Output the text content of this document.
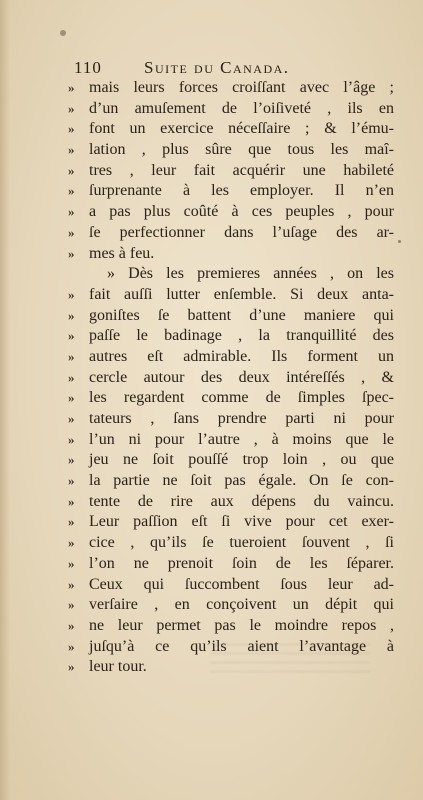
110 Suite du Canada.
» mais leurs forces croiſſant avec l’âge ;
» d’un amuſement de l’oiſiveté , ils en
» font un exercice néceſſaire ; & l’ému-
» lation , plus sûre que tous les maî-
» tres , leur fait acquérir une habileté
» ſurprenante à les employer. Il n’en
» a pas plus coûté à ces peuples , pour
» ſe perfectionner dans l’uſage des ar-
» mes à feu.
» Dès les premieres années , on les
» fait auſſi lutter enſemble. Si deux anta-
» goniſtes ſe battent d’une maniere qui
» paſſe le badinage , la tranquillité des
» autres eſt admirable. Ils forment un
» cercle autour des deux intéreſſés , &
» les regardent comme de ſimples ſpec-
» tateurs , ſans prendre parti ni pour
» l’un ni pour l’autre , à moins que le
» jeu ne ſoit pouſſé trop loin , ou que
» la partie ne ſoit pas égale. On ſe con-
» tente de rire aux dépens du vaincu.
» Leur paſſion eſt ſi vive pour cet exer-
» cice , qu’ils ſe tueroient ſouvent , ſi
» l’on ne prenoit ſoin de les ſéparer.
» Ceux qui ſuccombent ſous leur ad-
» verſaire , en conçoivent un dépit qui
» ne leur permet pas le moindre repos ,
» juſqu’à ce qu’ils aient l’avantage à
» leur tour.
